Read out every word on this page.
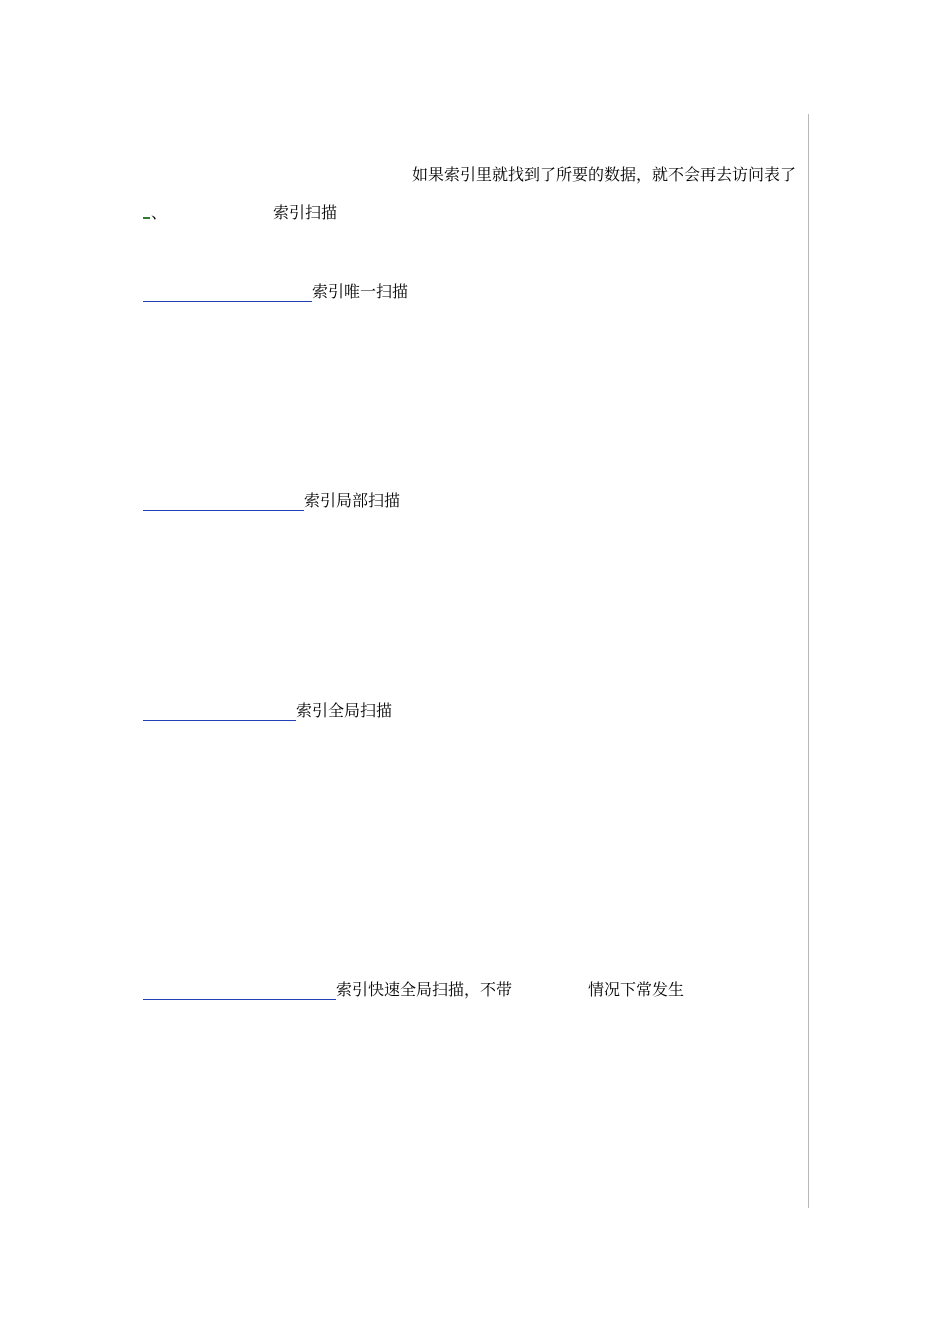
如果索引里就找到了所要的数据，就不会再去访问表了
、	索引扫描
索引唯一扫描
索引局部扫描
索引全局扫描
索引快速全局扫描，不带	情况下常发生
